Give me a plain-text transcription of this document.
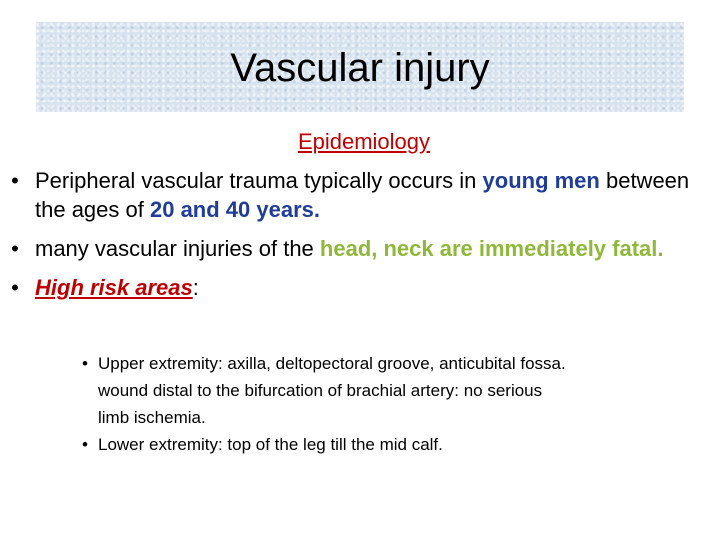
Vascular injury
Epidemiology
• Peripheral vascular trauma typically occurs in young men between the ages of 20 and 40 years.
• many vascular injuries of the head, neck are immediately fatal.
• High risk areas:
• Upper extremity: axilla, deltopectoral groove, anticubital fossa.
wound distal to the bifurcation of brachial artery: no serious
limb ischemia.
• Lower extremity: top of the leg till the mid calf.
